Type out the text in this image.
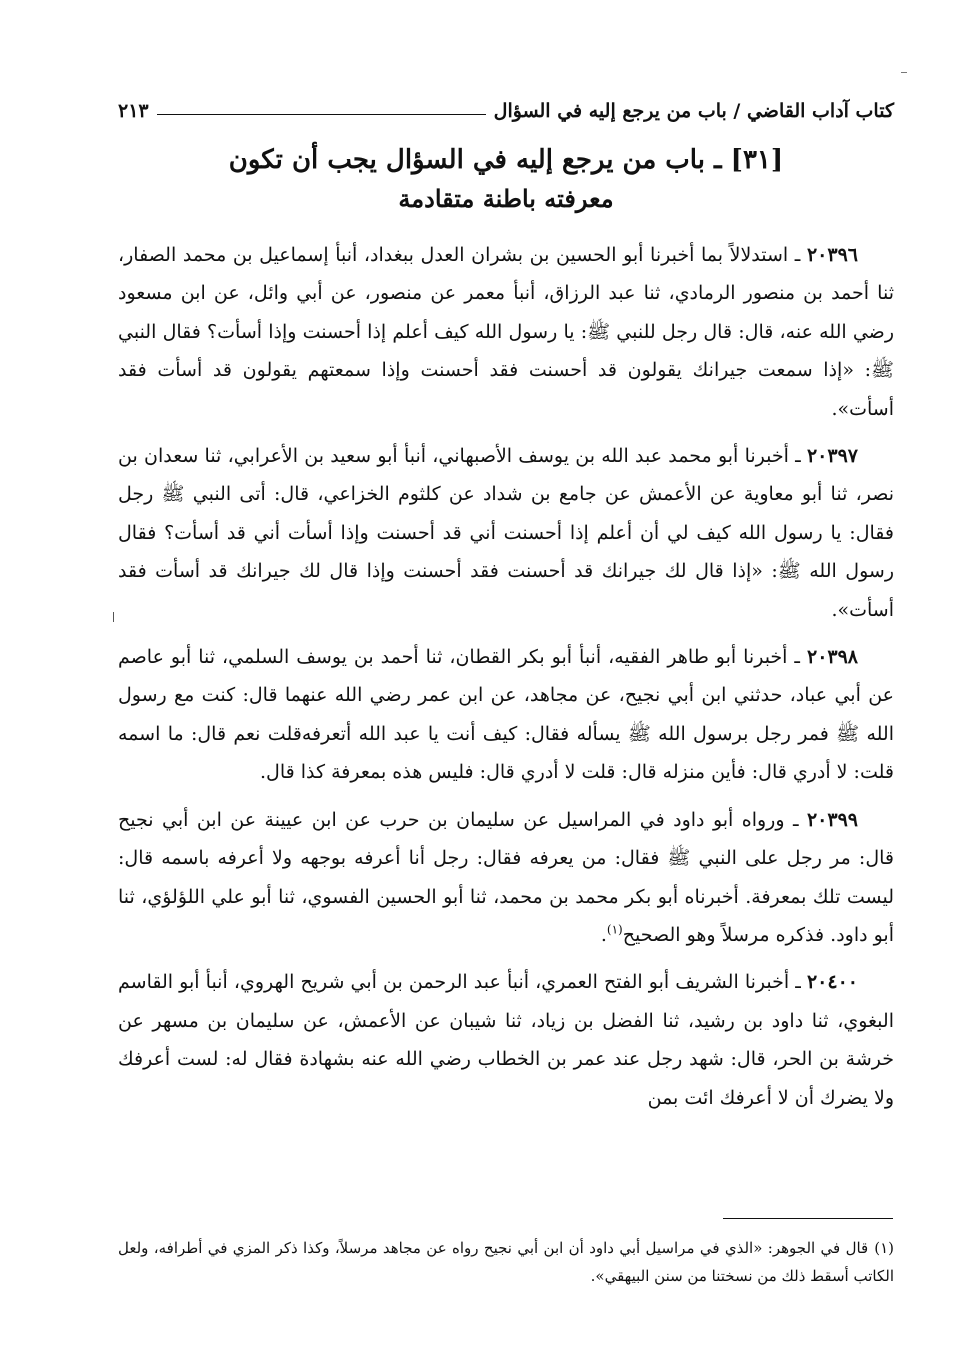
كتاب آداب القاضي / باب من يرجع إليه في السؤال
٢١٣
[٣١] ـ باب من يرجع إليه في السؤال يجب أن تكون
معرفته باطنة متقادمة

٢٠٣٩٦ ـ استدلالاً بما أخبرنا أبو الحسين بن بشران العدل ببغداد، أنبأ إسماعيل بن محمد الصفار، ثنا أحمد بن منصور الرمادي، ثنا عبد الرزاق، أنبأ معمر عن منصور، عن أبي وائل، عن ابن مسعود رضي الله عنه، قال: قال رجل للنبي ﷺ: يا رسول الله كيف أعلم إذا أحسنت وإذا أسأت؟ فقال النبي ﷺ: «إذا سمعت جيرانك يقولون قد أحسنت فقد أحسنت وإذا سمعتهم يقولون قد أسأت فقد أسأت».

٢٠٣٩٧ ـ أخبرنا أبو محمد عبد الله بن يوسف الأصبهاني، أنبأ أبو سعيد بن الأعرابي، ثنا سعدان بن نصر، ثنا أبو معاوية عن الأعمش عن جامع بن شداد عن كلثوم الخزاعي، قال: أتى النبي ﷺ رجل فقال: يا رسول الله كيف لي أن أعلم إذا أحسنت أني قد أحسنت وإذا أسأت أني قد أسأت؟ فقال رسول الله ﷺ: «إذا قال لك جيرانك قد أحسنت فقد أحسنت وإذا قال لك جيرانك قد أسأت فقد أسأت».

٢٠٣٩٨ ـ أخبرنا أبو طاهر الفقيه، أنبأ أبو بكر القطان، ثنا أحمد بن يوسف السلمي، ثنا أبو عاصم عن أبي عباد، حدثني ابن أبي نجيح، عن مجاهد، عن ابن عمر رضي الله عنهما قال: كنت مع رسول الله ﷺ فمر رجل برسول الله ﷺ يسأله فقال: كيف أنت يا عبد الله أتعرفه‌قلت نعم قال: ما اسمه قلت: لا أدري قال: فأين منزله قال: قلت لا أدري قال: فليس هذه بمعرفة كذا قال.

٢٠٣٩٩ ـ ورواه أبو داود في المراسيل عن سليمان بن حرب عن ابن عيينة عن ابن أبي نجيح قال: مر رجل على النبي ﷺ فقال: من يعرفه فقال: رجل أنا أعرفه بوجهه ولا أعرفه باسمه قال: ليست تلك بمعرفة. أخبرناه أبو بكر محمد بن محمد، ثنا أبو الحسين الفسوي، ثنا أبو علي اللؤلؤي، ثنا أبو داود. فذكره مرسلاً وهو الصحيح$^{(١)}$.

٢٠٤٠٠ ـ أخبرنا الشريف أبو الفتح العمري، أنبأ عبد الرحمن بن أبي شريح الهروي، أنبأ أبو القاسم البغوي، ثنا داود بن رشيد، ثنا الفضل بن زياد، ثنا شيبان عن الأعمش، عن سليمان بن مسهر عن خرشة بن الحر، قال: شهد رجل عند عمر بن الخطاب رضي الله عنه بشهادة فقال له: لست أعرفك ولا يضرك أن لا أعرفك ائت بمن

(١)قال في الجوهر: «الذي في مراسيل أبي داود أن ابن أبي نجيح رواه عن مجاهد مرسلاً، وكذا ذكر المزي في أطرافه، ولعل الكاتب أسقط ذلك من نسختنا من سنن البيهقي».
